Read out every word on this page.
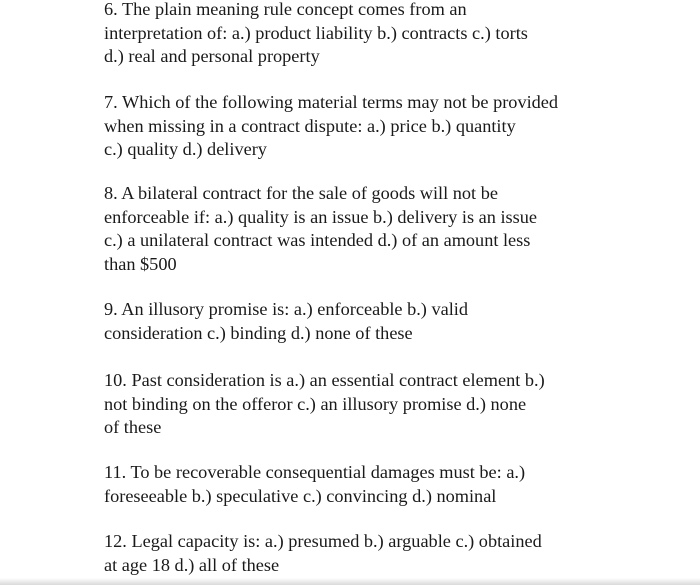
6. The plain meaning rule concept comes from an
interpretation of: a.) product liability b.) contracts c.) torts
d.) real and personal property

7. Which of the following material terms may not be provided
when missing in a contract dispute: a.) price b.) quantity
c.) quality d.) delivery

8. A bilateral contract for the sale of goods will not be
enforceable if: a.) quality is an issue b.) delivery is an issue
c.) a unilateral contract was intended d.) of an amount less
than $500

9. An illusory promise is: a.) enforceable b.) valid
consideration c.) binding d.) none of these

10. Past consideration is a.) an essential contract element b.)
not binding on the offeror c.) an illusory promise d.) none
of these

11. To be recoverable consequential damages must be: a.)
foreseeable b.) speculative c.) convincing d.) nominal

12. Legal capacity is: a.) presumed b.) arguable c.) obtained
at age 18 d.) all of these
